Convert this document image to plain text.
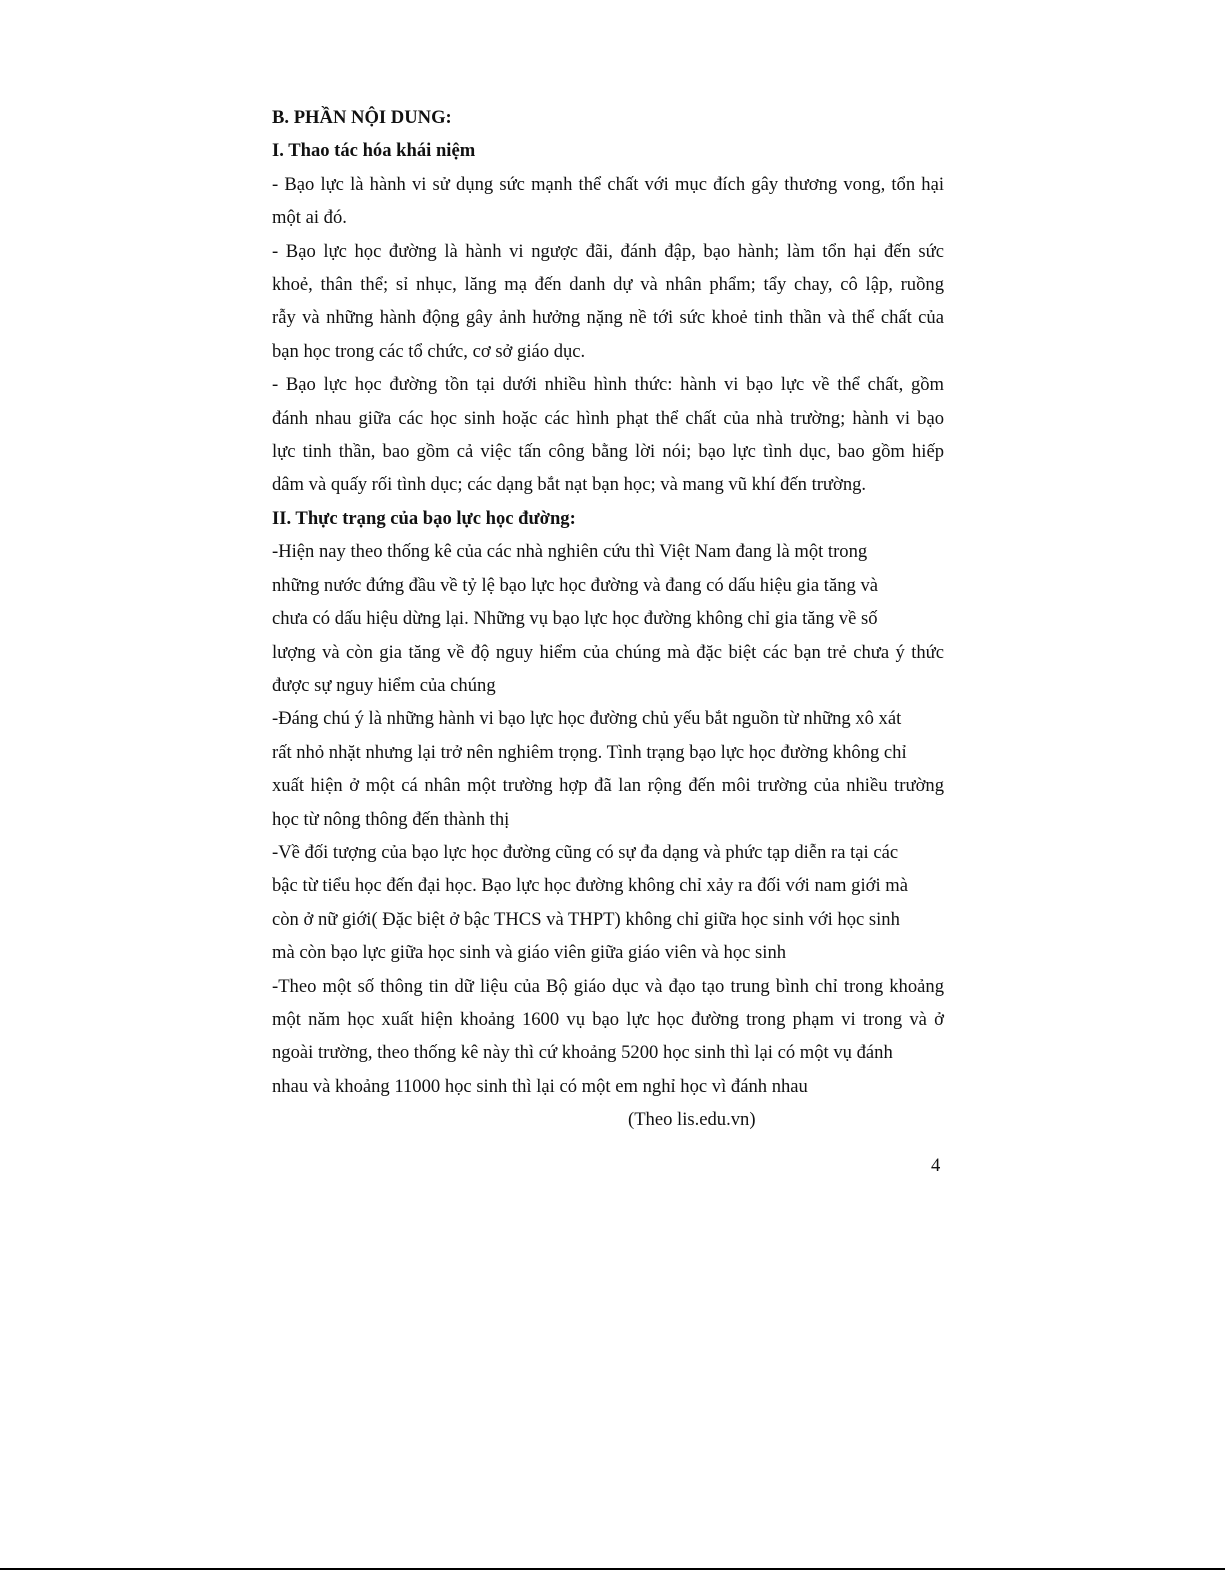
B. PHẦN NỘI DUNG:
I. Thao tác hóa khái niệm
- Bạo lực là hành vi sử dụng sức mạnh thể chất với mục đích gây thương vong, tổn hại
một ai đó.
- Bạo lực học đường là hành vi ngược đãi, đánh đập, bạo hành; làm tổn hại đến sức
khoẻ, thân thể; sỉ nhục, lăng mạ đến danh dự và nhân phẩm; tẩy chay, cô lập, ruồng
rẫy và những hành động gây ảnh hưởng nặng nề tới sức khoẻ tinh thần và thể chất của
bạn học trong các tổ chức, cơ sở giáo dục.
- Bạo lực học đường tồn tại dưới nhiều hình thức: hành vi bạo lực về thể chất, gồm
đánh nhau giữa các học sinh hoặc các hình phạt thể chất của nhà trường; hành vi bạo
lực tinh thần, bao gồm cả việc tấn công bằng lời nói; bạo lực tình dục, bao gồm hiếp
dâm và quấy rối tình dục; các dạng bắt nạt bạn học; và mang vũ khí đến trường.
II. Thực trạng của bạo lực học đường:
-Hiện nay theo thống kê của các nhà nghiên cứu thì Việt Nam đang là một trong
những nước đứng đầu về tỷ lệ bạo lực học đường và đang có dấu hiệu gia tăng và
chưa có dấu hiệu dừng lại. Những vụ bạo lực học đường không chỉ gia tăng về số
lượng và còn gia tăng về độ nguy hiểm của chúng mà đặc biệt các bạn trẻ chưa ý thức
được sự nguy hiểm của chúng
-Đáng chú ý là những hành vi bạo lực học đường chủ yếu bắt nguồn từ những xô xát
rất nhỏ nhặt nhưng lại trở nên nghiêm trọng. Tình trạng bạo lực học đường không chỉ
xuất hiện ở một cá nhân một trường hợp đã lan rộng đến môi trường của nhiều trường
học từ nông thông đến thành thị
-Về đối tượng của bạo lực học đường cũng có sự đa dạng và phức tạp diễn ra tại các
bậc từ tiểu học đến đại học. Bạo lực học đường không chỉ xảy ra đối với nam giới mà
còn ở nữ giới( Đặc biệt ở bậc THCS và THPT) không chỉ giữa học sinh với học sinh
mà còn bạo lực giữa học sinh và giáo viên giữa giáo viên và học sinh
-Theo một số thông tin dữ liệu của Bộ giáo dục và đạo tạo trung bình chỉ trong khoảng
một năm học xuất hiện khoảng 1600 vụ bạo lực học đường trong phạm vi trong và ở
ngoài trường, theo thống kê này thì cứ khoảng 5200 học sinh thì lại có một vụ đánh
nhau và khoảng 11000 học sinh thì lại có một em nghỉ học vì đánh nhau
(Theo lis.edu.vn)
4
